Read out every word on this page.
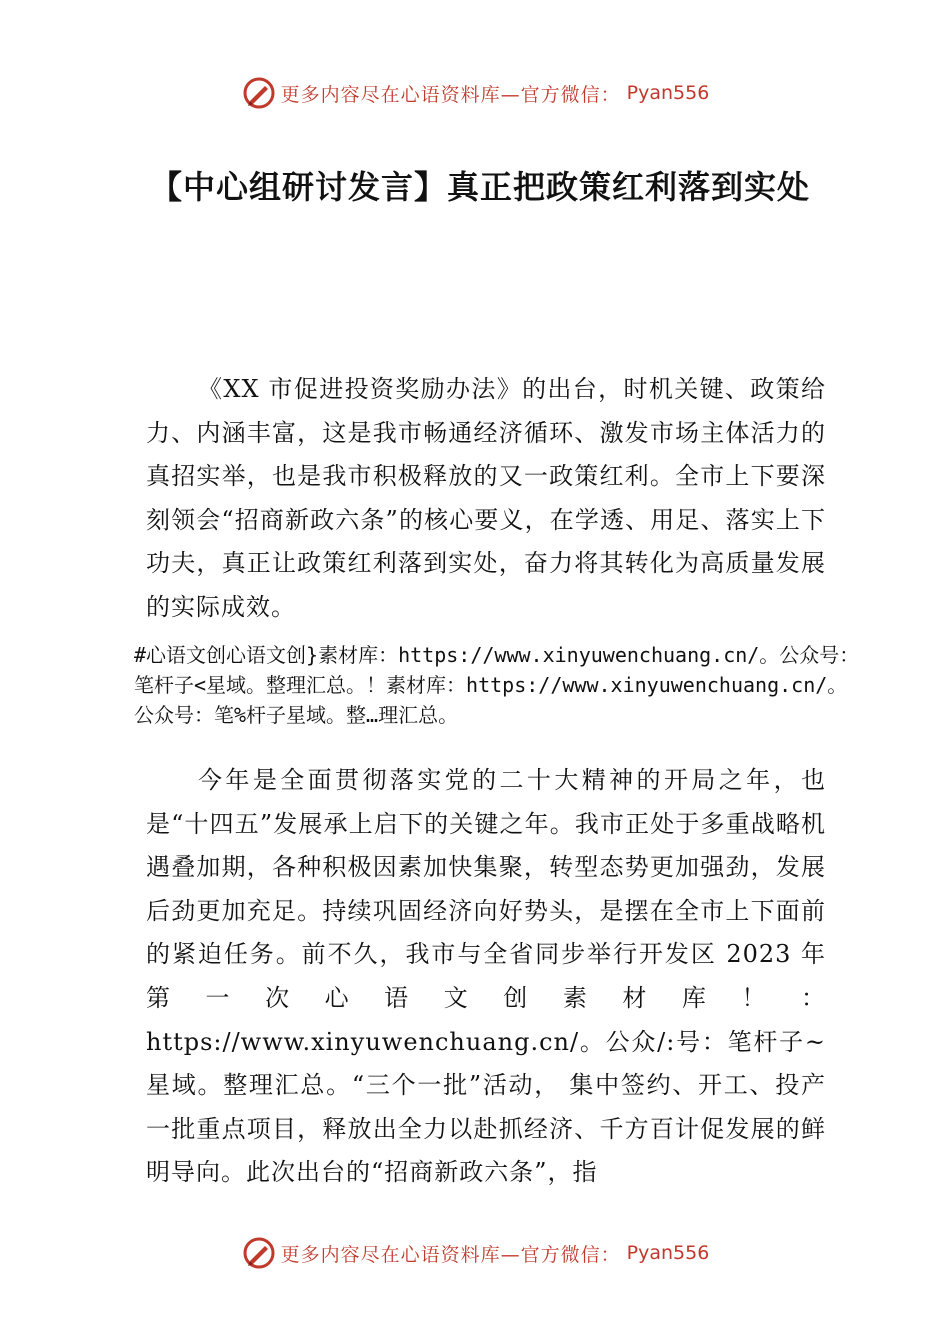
更多内容尽在心语资料库—官方微信： Pyan556
【中心组研讨发言】真正把政策红利落到实处

《XX 市促进投资奖励办法》的出台，时机关键、政策给力、内涵丰富，这是我市畅通经济循环、激发市场主体活力的真招实举，也是我市积极释放的又一政策红利。全市上下要深刻领会“招商新政六条”的核心要义，在学透、用足、落实上下功夫，真正让政策红利落到实处，奋力将其转化为高质量发展的实际成效。

#心语文创心语文创}素材库：https://www.xinyuwenchuang.cn/。公众号：笔杆子<星域。整理汇总。！素材库：https://www.xinyuwenchuang.cn/。公众号：笔%杆子星域。整…理汇总。

今年是全面贯彻落实党的二十大精神的开局之年，也是“十四五”发展承上启下的关键之年。我市正处于多重战略机遇叠加期，各种积极因素加快集聚，转型态势更加强劲，发展后劲更加充足。持续巩固经济向好势头，是摆在全市上下面前的紧迫任务。前不久，我市与全省同步举行开发区 2023 年第一次心语文创素材库！：https://www.xinyuwenchuang.cn/。公众/:号：笔杆子~星域。整理汇总。“三个一批”活动， 集中签约、开工、投产一批重点项目，释放出全力以赴抓经济、千方百计促发展的鲜明导向。此次出台的“招商新政六条”，指

更多内容尽在心语资料库—官方微信： Pyan556
